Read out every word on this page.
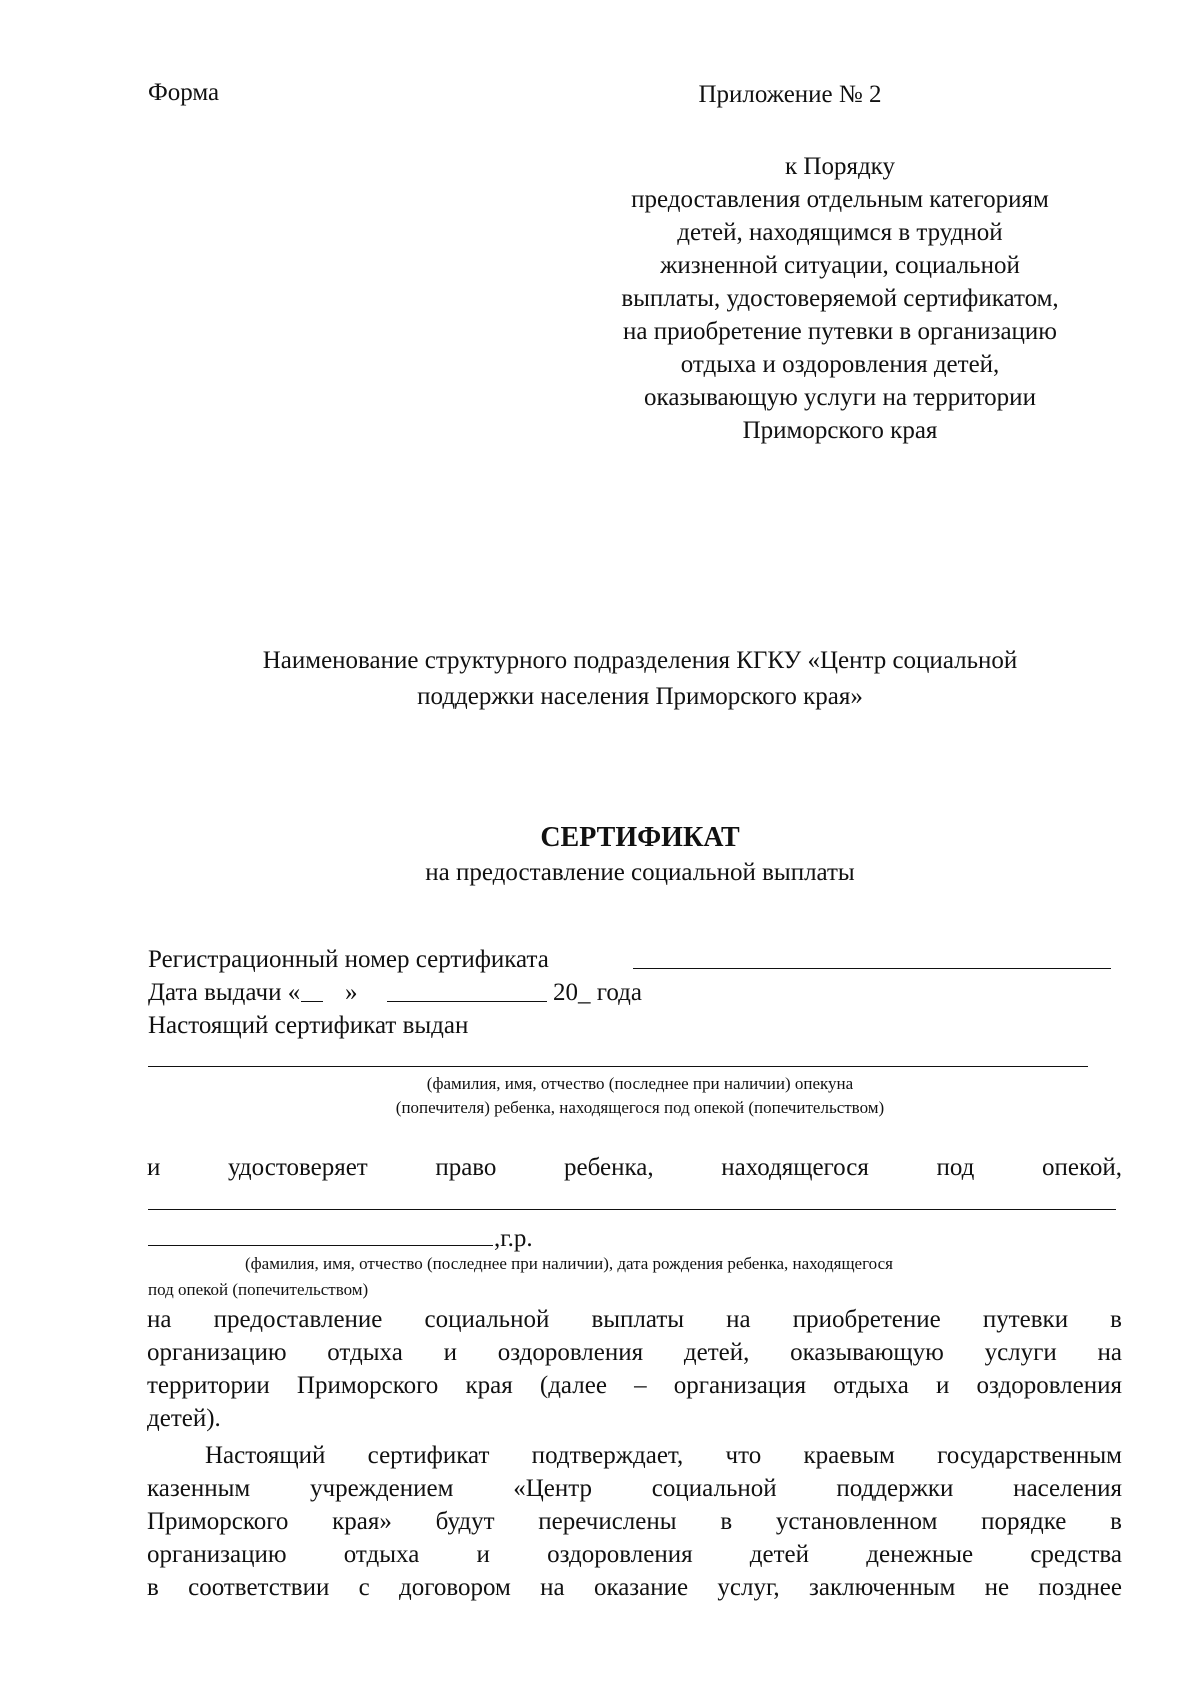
Форма	Приложение № 2
к Порядку
предоставления отдельным категориям
детей, находящимся в трудной
жизненной ситуации, социальной
выплаты, удостоверяемой сертификатом,
на приобретение путевки в организацию
отдыха и оздоровления детей,
оказывающую услуги на территории
Приморского края
Наименование структурного подразделения КГКУ «Центр социальной
поддержки населения Приморского края»
СЕРТИФИКАТ
на предоставление социальной выплаты
Регистрационный номер сертификата
Дата выдачи « »	20_ года
Настоящий сертификат выдан
(фамилия, имя, отчество (последнее при наличии) опекуна
(попечителя) ребенка, находящегося под опекой (попечительством)
и	удостоверяет	право	ребенка,	находящегося	под	опекой,
,г.р.
(фамилия, имя, отчество (последнее при наличии), дата рождения ребенка, находящегося
под опекой (попечительством)
на предоставление социальной выплаты на приобретение путевки в
организацию отдыха и оздоровления детей, оказывающую услуги на
территории Приморского края (далее – организация отдыха и оздоровления
детей).
Настоящий сертификат подтверждает, что краевым государственным
казенным учреждением «Центр социальной поддержки населения
Приморского края» будут перечислены в установленном порядке в
организацию отдыха и оздоровления детей денежные средства
в соответствии с договором на оказание услуг, заключенным не позднее
